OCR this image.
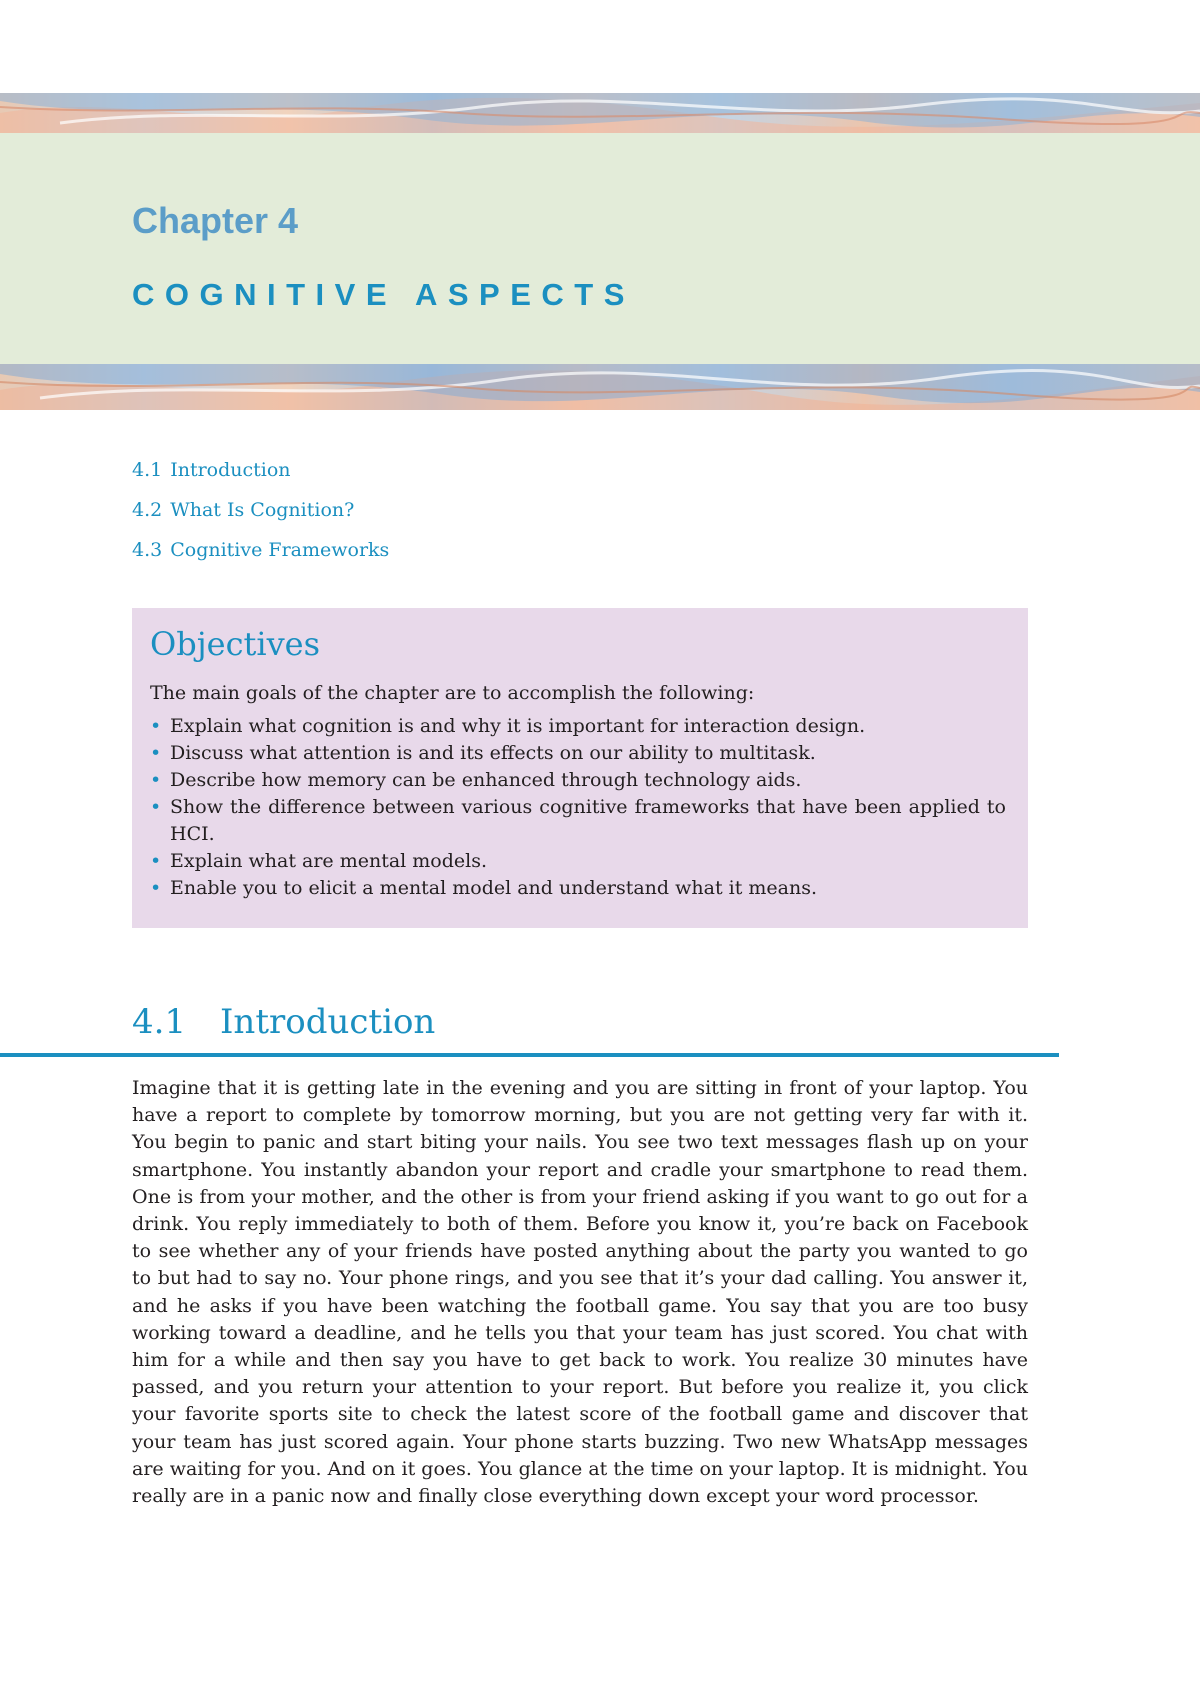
Chapter 4
COGNITIVE ASPECTS
4.1 Introduction
4.2 What Is Cognition?
4.3 Cognitive Frameworks
Objectives

The main goals of the chapter are to accomplish the following:

• Explain what cognition is and why it is important for interaction design.
• Discuss what attention is and its effects on our ability to multitask.
• Describe how memory can be enhanced through technology aids.
• Show the difference between various cognitive frameworks that have been applied to HCI.
• Explain what are mental models.
• Enable you to elicit a mental model and understand what it means.
4.1 Introduction

Imagine that it is getting late in the evening and you are sitting in front of your laptop. You have a report to complete by tomorrow morning, but you are not getting very far with it. You begin to panic and start biting your nails. You see two text messages flash up on your smartphone. You instantly abandon your report and cradle your smartphone to read them. One is from your mother, and the other is from your friend asking if you want to go out for a drink. You reply immediately to both of them. Before you know it, you’re back on Facebook to see whether any of your friends have posted anything about the party you wanted to go to but had to say no. Your phone rings, and you see that it’s your dad calling. You answer it, and he asks if you have been watching the football game. You say that you are too busy working toward a deadline, and he tells you that your team has just scored. You chat with him for a while and then say you have to get back to work. You realize 30 minutes have passed, and you return your attention to your report. But before you realize it, you click your favorite sports site to check the latest score of the football game and discover that your team has just scored again. Your phone starts buzzing. Two new WhatsApp messages are waiting for you. And on it goes. You glance at the time on your laptop. It is midnight. You really are in a panic now and finally close everything down except your word processor.
